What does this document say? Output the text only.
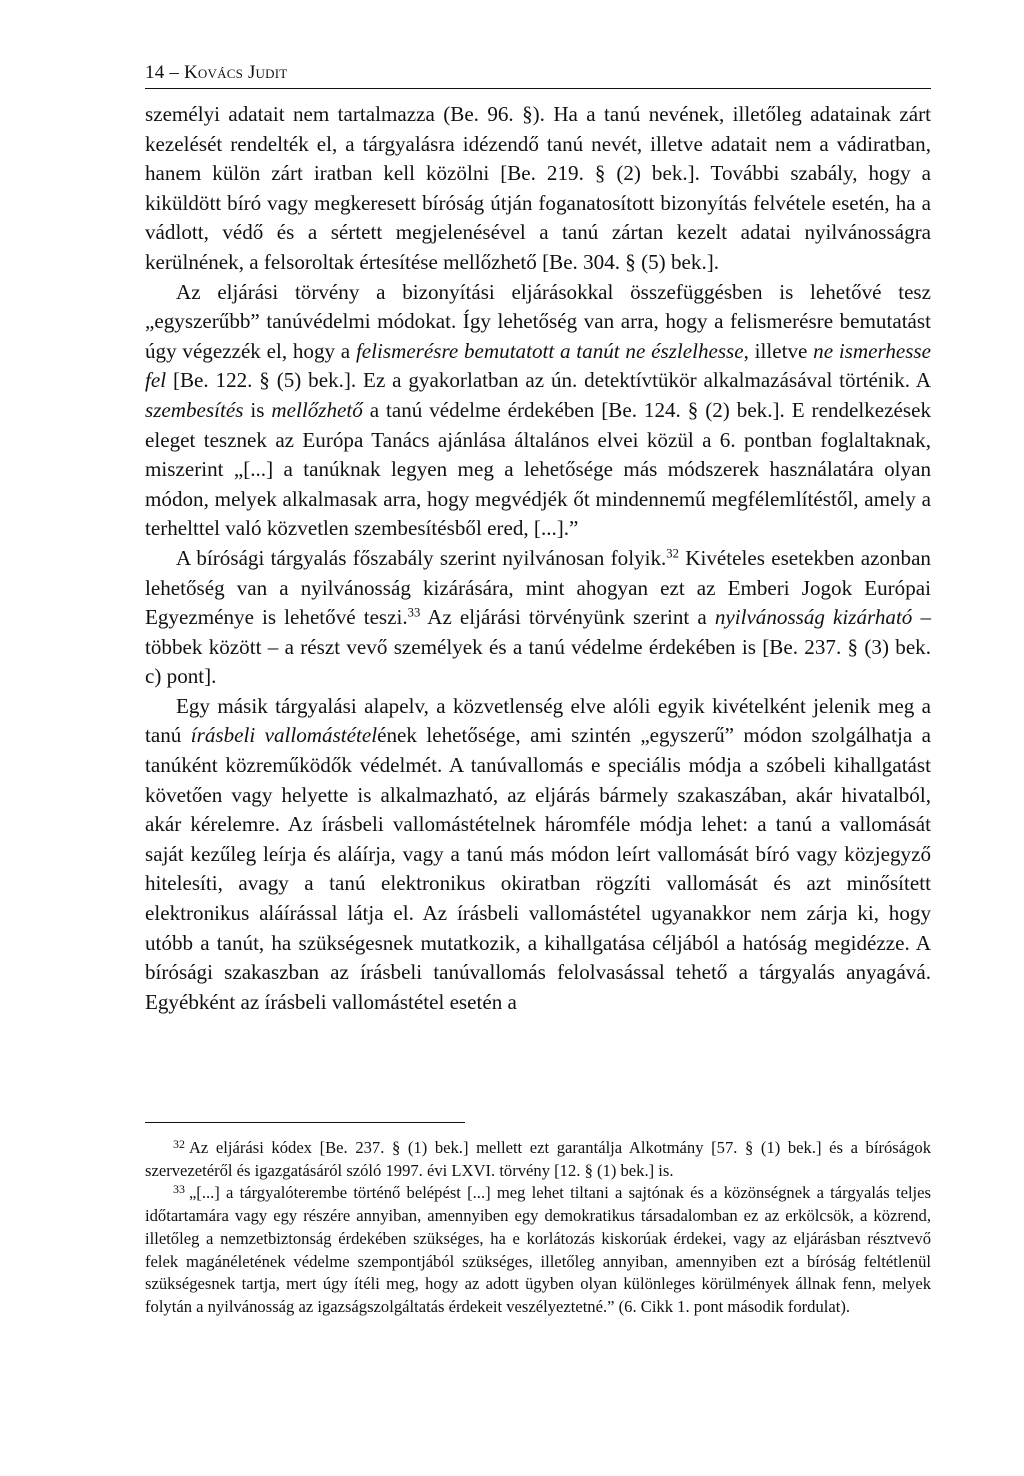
14 – Kovács Judit

személyi adatait nem tartalmazza (Be. 96. §). Ha a tanú nevének, illetőleg adatainak zárt kezelését rendelték el, a tárgyalásra idézendő tanú nevét, illetve adatait nem a vádiratban, hanem külön zárt iratban kell közölni [Be. 219. § (2) bek.]. További szabály, hogy a kiküldött bíró vagy megkeresett bíróság útján foganatosított bizonyítás felvétele esetén, ha a vádlott, védő és a sértett megjelenésével a tanú zártan kezelt adatai nyilvánosságra kerülnének, a felsoroltak értesítése mellőzhető [Be. 304. § (5) bek.].

Az eljárási törvény a bizonyítási eljárásokkal összefüggésben is lehetővé tesz „egyszerűbb” tanúvédelmi módokat. Így lehetőség van arra, hogy a felismerésre bemutatást úgy végezzék el, hogy a felismerésre bemutatott a tanút ne észlelhesse, illetve ne ismerhesse fel [Be. 122. § (5) bek.]. Ez a gyakorlatban az ún. detektívtükör alkalmazásával történik. A szembesítés is mellőzhető a tanú védelme érdekében [Be. 124. § (2) bek.]. E rendelkezések eleget tesznek az Európa Tanács ajánlása általános elvei közül a 6. pontban foglaltaknak, miszerint „[...] a tanúknak legyen meg a lehetősége más módszerek használatára olyan módon, melyek alkalmasak arra, hogy megvédjék őt mindennemű megfélemlítéstől, amely a terhelttel való közvetlen szembesítésből ered, [...].”

A bírósági tárgyalás főszabály szerint nyilvánosan folyik.$^{32}$ Kivételes esetekben azonban lehetőség van a nyilvánosság kizárására, mint ahogyan ezt az Emberi Jogok Európai Egyezménye is lehetővé teszi.$^{33}$ Az eljárási törvényünk szerint a nyilvánosság kizárható – többek között – a részt vevő személyek és a tanú védelme érdekében is [Be. 237. § (3) bek. c) pont].

Egy másik tárgyalási alapelv, a közvetlenség elve alóli egyik kivételként jelenik meg a tanú írásbeli vallomástételének lehetősége, ami szintén „egyszerű” módon szolgálhatja a tanúként közreműködők védelmét. A tanúvallomás e speciális módja a szóbeli kihallgatást követően vagy helyette is alkalmazható, az eljárás bármely szakaszában, akár hivatalból, akár kérelemre. Az írásbeli vallomástételnek háromféle módja lehet: a tanú a vallomását saját kezűleg leírja és aláírja, vagy a tanú más módon leírt vallomását bíró vagy közjegyző hitelesíti, avagy a tanú elektronikus okiratban rögzíti vallomását és azt minősített elektronikus aláírással látja el. Az írásbeli vallomástétel ugyanakkor nem zárja ki, hogy utóbb a tanút, ha szükségesnek mutatkozik, a kihallgatása céljából a hatóság megidézze. A bírósági szakaszban az írásbeli tanúvallomás felolvasással tehető a tárgyalás anyagává. Egyébként az írásbeli vallomástétel esetén a

$^{32}$ Az eljárási kódex [Be. 237. § (1) bek.] mellett ezt garantálja Alkotmány [57. § (1) bek.] és a bíróságok szervezetéről és igazgatásáról szóló 1997. évi LXVI. törvény [12. § (1) bek.] is.

$^{33}$ „[...] a tárgyalóterembe történő belépést [...] meg lehet tiltani a sajtónak és a közönségnek a tárgyalás teljes időtartamára vagy egy részére annyiban, amennyiben egy demokratikus társadalomban ez az erkölcsök, a közrend, illetőleg a nemzetbiztonság érdekében szükséges, ha e korlátozás kiskorúak érdekei, vagy az eljárásban résztvevő felek magánéletének védelme szempontjából szükséges, illetőleg annyiban, amennyiben ezt a bíróság feltétlenül szükségesnek tartja, mert úgy ítéli meg, hogy az adott ügyben olyan különleges körülmények állnak fenn, melyek folytán a nyilvánosság az igazságszolgáltatás érdekeit veszélyeztetné.” (6. Cikk 1. pont második fordulat).
